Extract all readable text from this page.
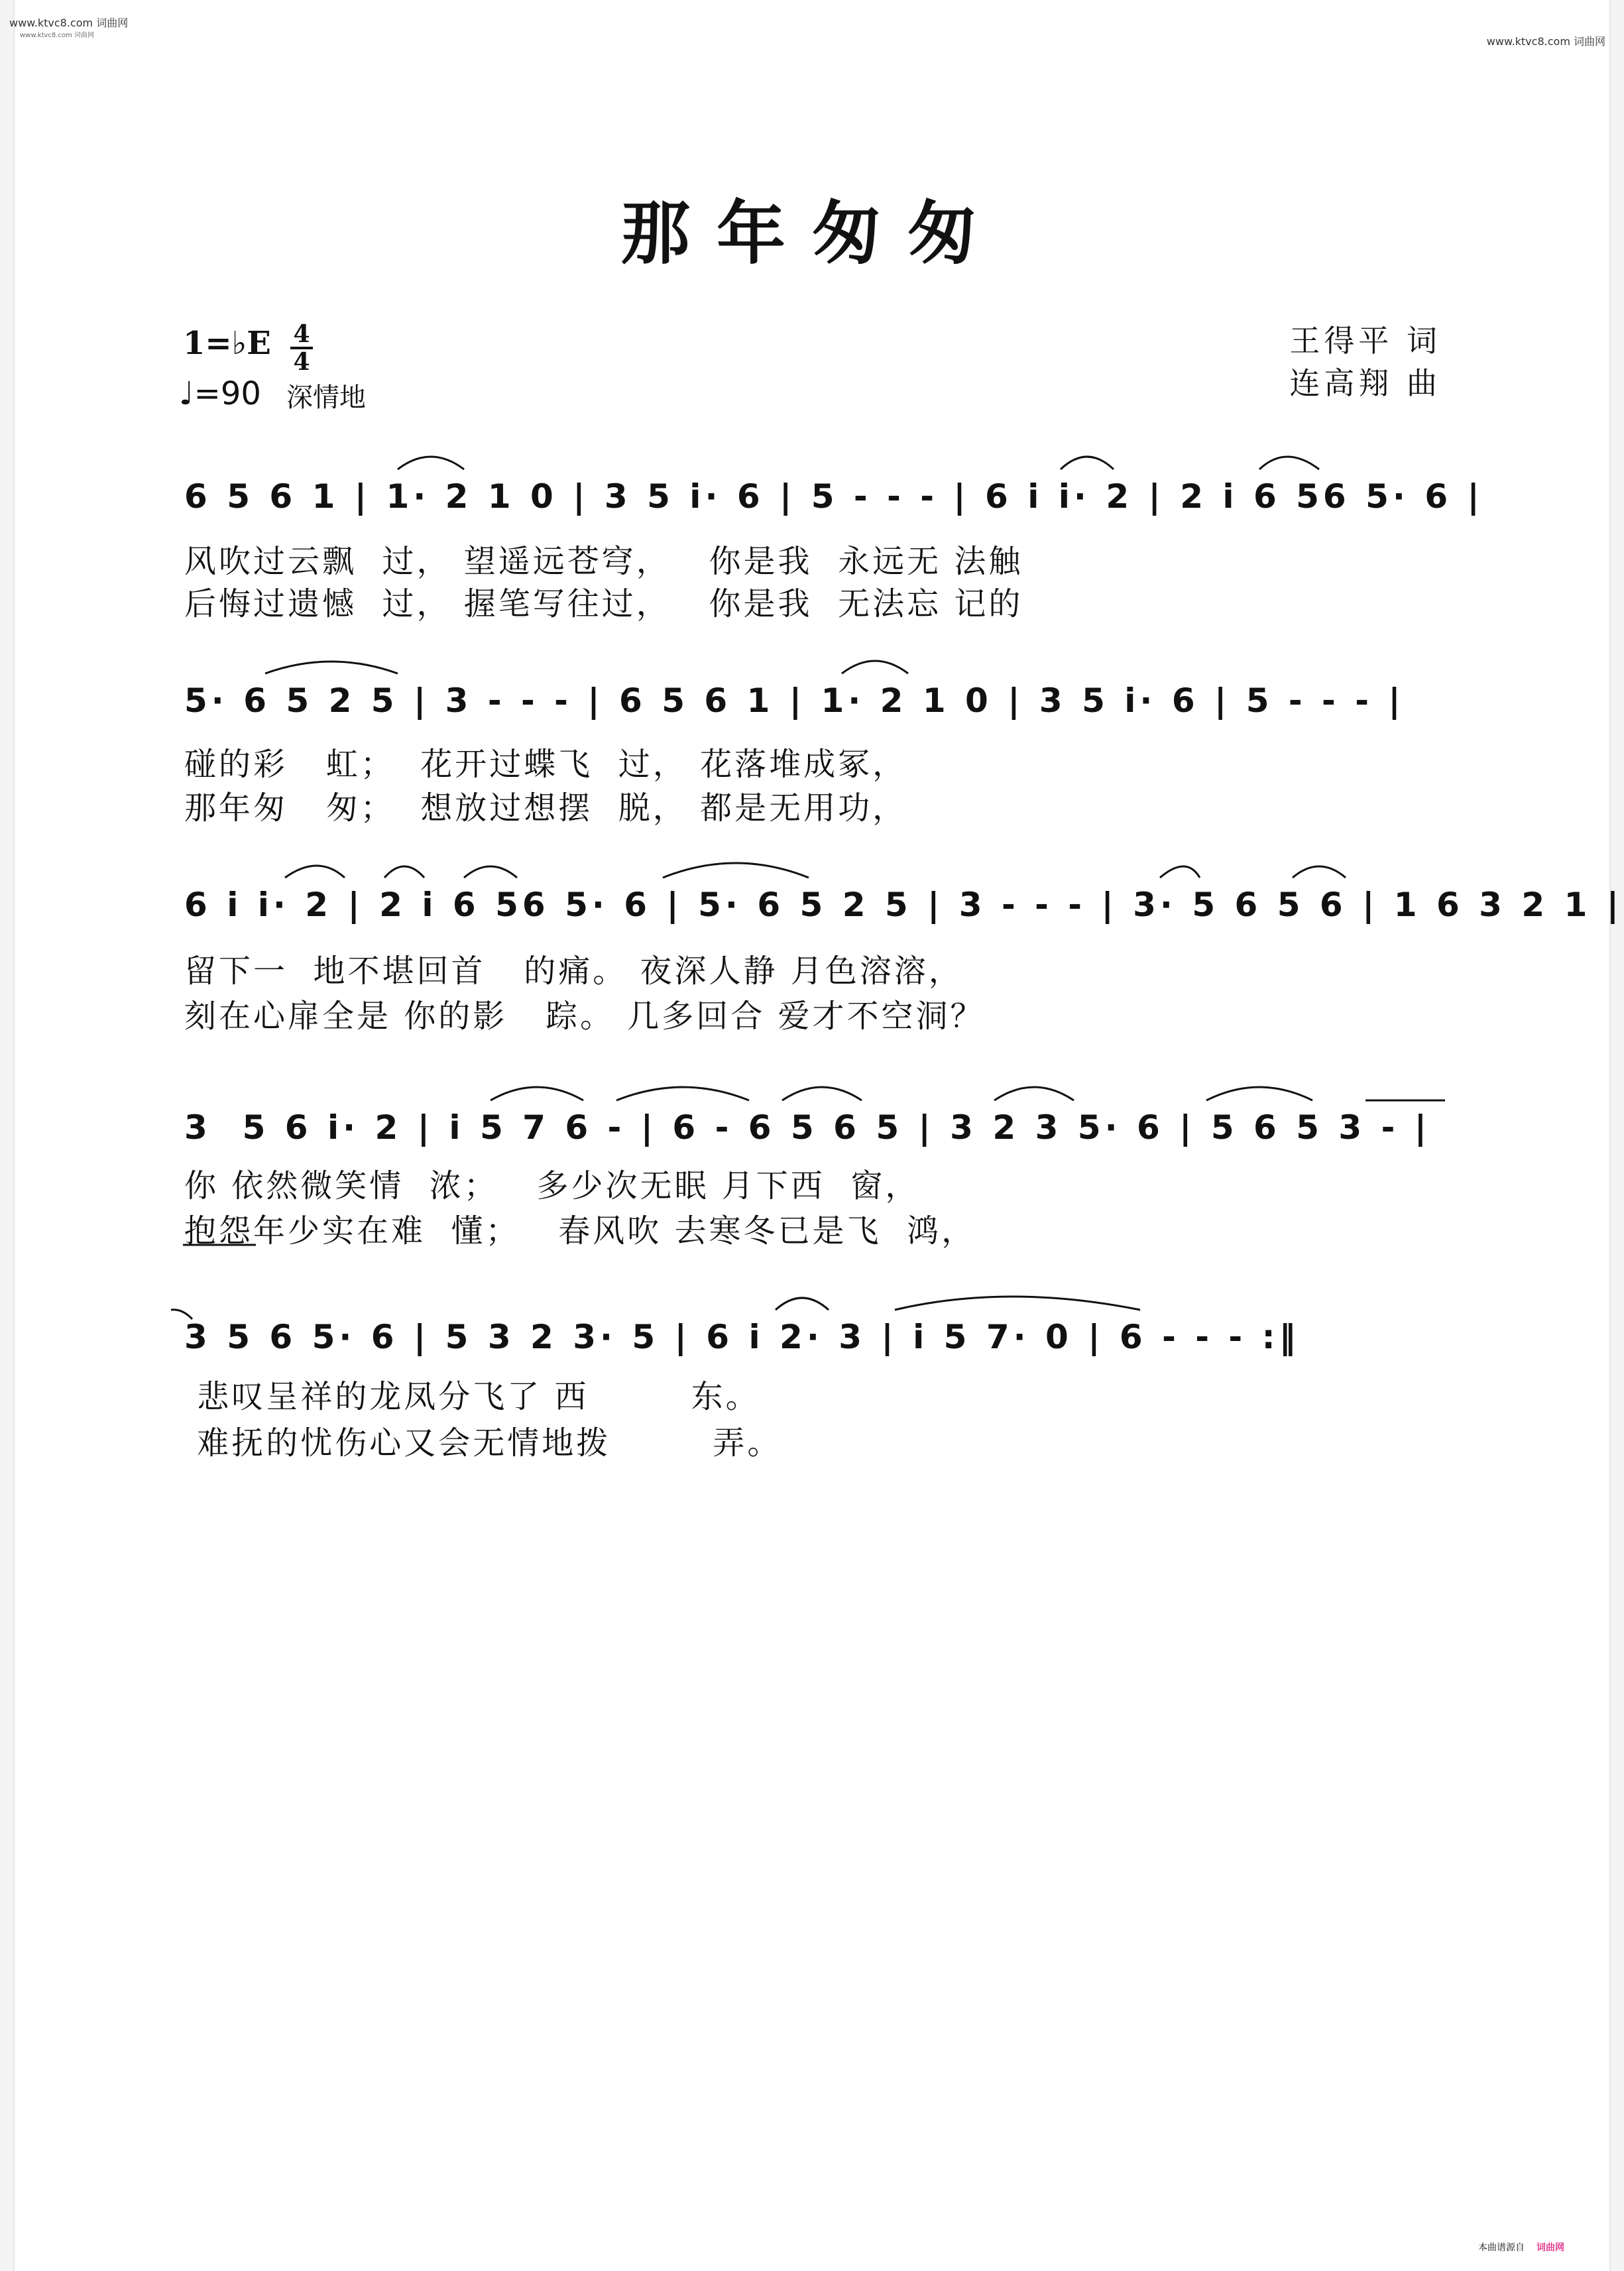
www.ktvc8.com 词曲网
www.ktvc8.com 词曲网	www.ktvc8.com 词曲网
那年匆匆
1=♭E 4
4
♩=90 深情地
王得平 词
连高翔 曲
6 5 6 1 | 1· 2 1 0 | 3 5 i· 6 | 5 - - - | 6 i i· 2 | 2 i 6 56 5· 6 |
风吹过云飘  过， 望遥远苍穹，   你是我  永远无 法触
后悔过遗憾  过， 握笔写往过，   你是我  无法忘 记的
5· 6 5 2 5 | 3 - - - | 6 5 6 1 | 1· 2 1 0 | 3 5 i· 6 | 5 - - - |
碰的彩   虹；  花开过蝶飞  过， 花落堆成冢，
那年匆   匆；  想放过想摆  脱， 都是无用功，
6 i i· 2 | 2 i 6 56 5· 6 | 5· 6 5 2 5 | 3 - - - | 3· 5 6 5 6 | 1 6 3 2 1 |
留下一  地不堪回首   的痛。 夜深人静 月色溶溶，
刻在心扉全是 你的影   踪。 几多回合 爱才不空洞？
3  5 6 i· 2 | i 5 7 6 - | 6 - 6 5 6 5 | 3 2 3 5· 6 | 5 6 5 3 - |
你 依然微笑情  浓；   多少次无眠 月下西  窗，
抱怨年少实在难  懂；   春风吹 去寒冬已是飞  鸿，
3 5 6 5· 6 | 5 3 2 3· 5 | 6 i 2· 3 | i 5 7· 0 | 6 - - - :‖
悲叹呈祥的龙凤分飞了 西        东。
难抚的忧伤心又会无情地拨        弄。
本曲谱源自 词曲网
